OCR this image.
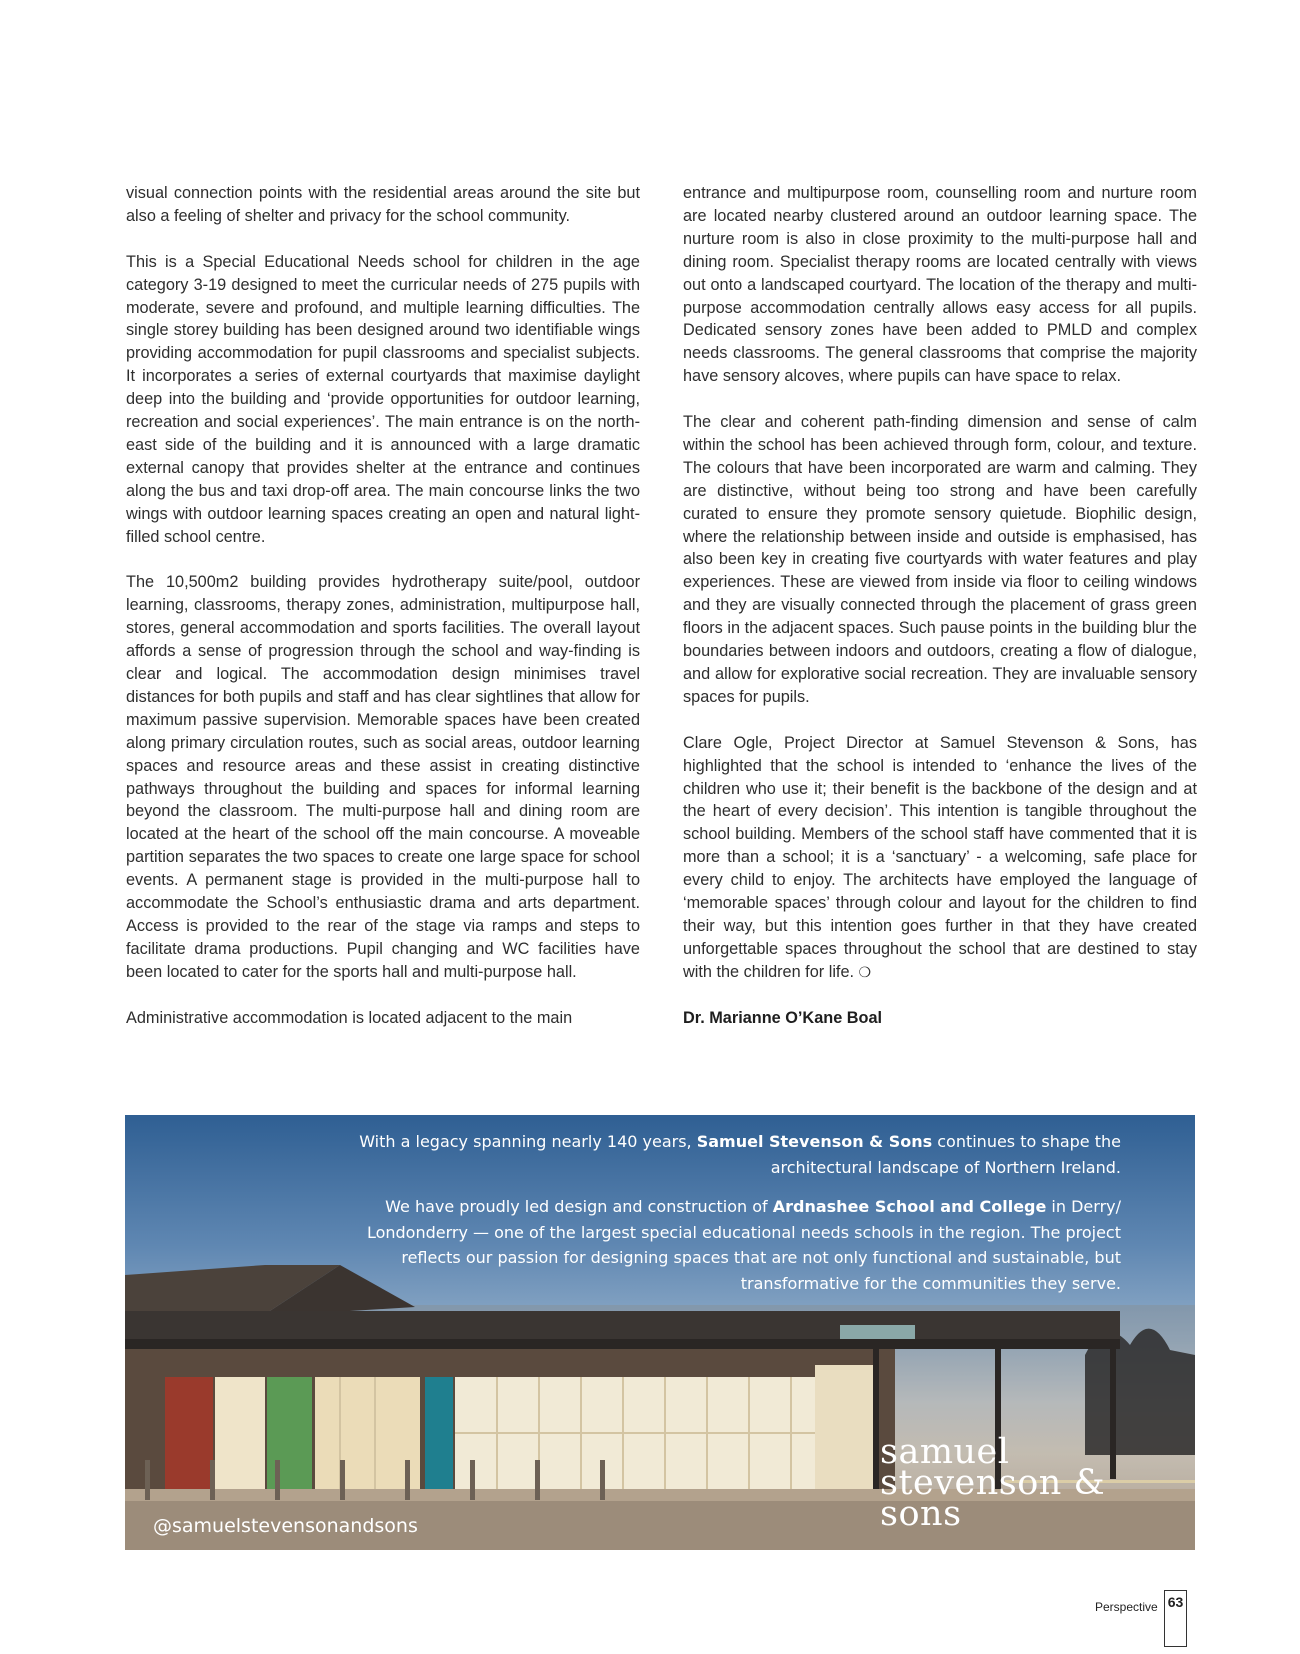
visual connection points with the residential areas around the site but also a feeling of shelter and privacy for the school community.

This is a Special Educational Needs school for children in the age category 3-19 designed to meet the curricular needs of 275 pupils with moderate, severe and profound, and multiple learning difficulties. The single storey building has been designed around two identifiable wings providing accommodation for pupil classrooms and specialist subjects. It incorporates a series of external courtyards that maximise daylight deep into the building and ‘provide opportunities for outdoor learning, recreation and social experiences’. The main entrance is on the north-east side of the building and it is announced with a large dramatic external canopy that provides shelter at the entrance and continues along the bus and taxi drop-off area. The main concourse links the two wings with outdoor learning spaces creating an open and natural light-filled school centre.

The 10,500m2 building provides hydrotherapy suite/pool, outdoor learning, classrooms, therapy zones, administration, multipurpose hall, stores, general accommodation and sports facilities. The overall layout affords a sense of progression through the school and way-finding is clear and logical. The accommodation design minimises travel distances for both pupils and staff and has clear sightlines that allow for maximum passive supervision. Memorable spaces have been created along primary circulation routes, such as social areas, outdoor learning spaces and resource areas and these assist in creating distinctive pathways throughout the building and spaces for informal learning beyond the classroom. The multi-purpose hall and dining room are located at the heart of the school off the main concourse. A moveable partition separates the two spaces to create one large space for school events. A permanent stage is provided in the multi-purpose hall to accommodate the School’s enthusiastic drama and arts department. Access is provided to the rear of the stage via ramps and steps to facilitate drama productions. Pupil changing and WC facilities have been located to cater for the sports hall and multi-purpose hall.

Administrative accommodation is located adjacent to the main

entrance and multipurpose room, counselling room and nurture room are located nearby clustered around an outdoor learning space. The nurture room is also in close proximity to the multi-purpose hall and dining room. Specialist therapy rooms are located centrally with views out onto a landscaped courtyard. The location of the therapy and multi-purpose accommodation centrally allows easy access for all pupils. Dedicated sensory zones have been added to PMLD and complex needs classrooms. The general classrooms that comprise the majority have sensory alcoves, where pupils can have space to relax.

The clear and coherent path-finding dimension and sense of calm within the school has been achieved through form, colour, and texture. The colours that have been incorporated are warm and calming. They are distinctive, without being too strong and have been carefully curated to ensure they promote sensory quietude. Biophilic design, where the relationship between inside and outside is emphasised, has also been key in creating five courtyards with water features and play experiences. These are viewed from inside via floor to ceiling windows and they are visually connected through the placement of grass green floors in the adjacent spaces. Such pause points in the building blur the boundaries between indoors and outdoors, creating a flow of dialogue, and allow for explorative social recreation. They are invaluable sensory spaces for pupils.

Clare Ogle, Project Director at Samuel Stevenson & Sons, has highlighted that the school is intended to ‘enhance the lives of the children who use it; their benefit is the backbone of the design and at the heart of every decision’. This intention is tangible throughout the school building. Members of the school staff have commented that it is more than a school; it is a ‘sanctuary’ - a welcoming, safe place for every child to enjoy. The architects have employed the language of ‘memorable spaces’ through colour and layout for the children to find their way, but this intention goes further in that they have created unforgettable spaces throughout the school that are destined to stay with the children for life. ❍

Dr. Marianne O’Kane Boal

With a legacy spanning nearly 140 years, Samuel Stevenson & Sons continues to shape the architectural landscape of Northern Ireland.

We have proudly led design and construction of Ardnashee School and College in Derry/ Londonderry — one of the largest special educational needs schools in the region. The project reflects our passion for designing spaces that are not only functional and sustainable, but transformative for the communities they serve.

@samuelstevensonandsons
samuel
stevenson &
sons
Perspective 63
